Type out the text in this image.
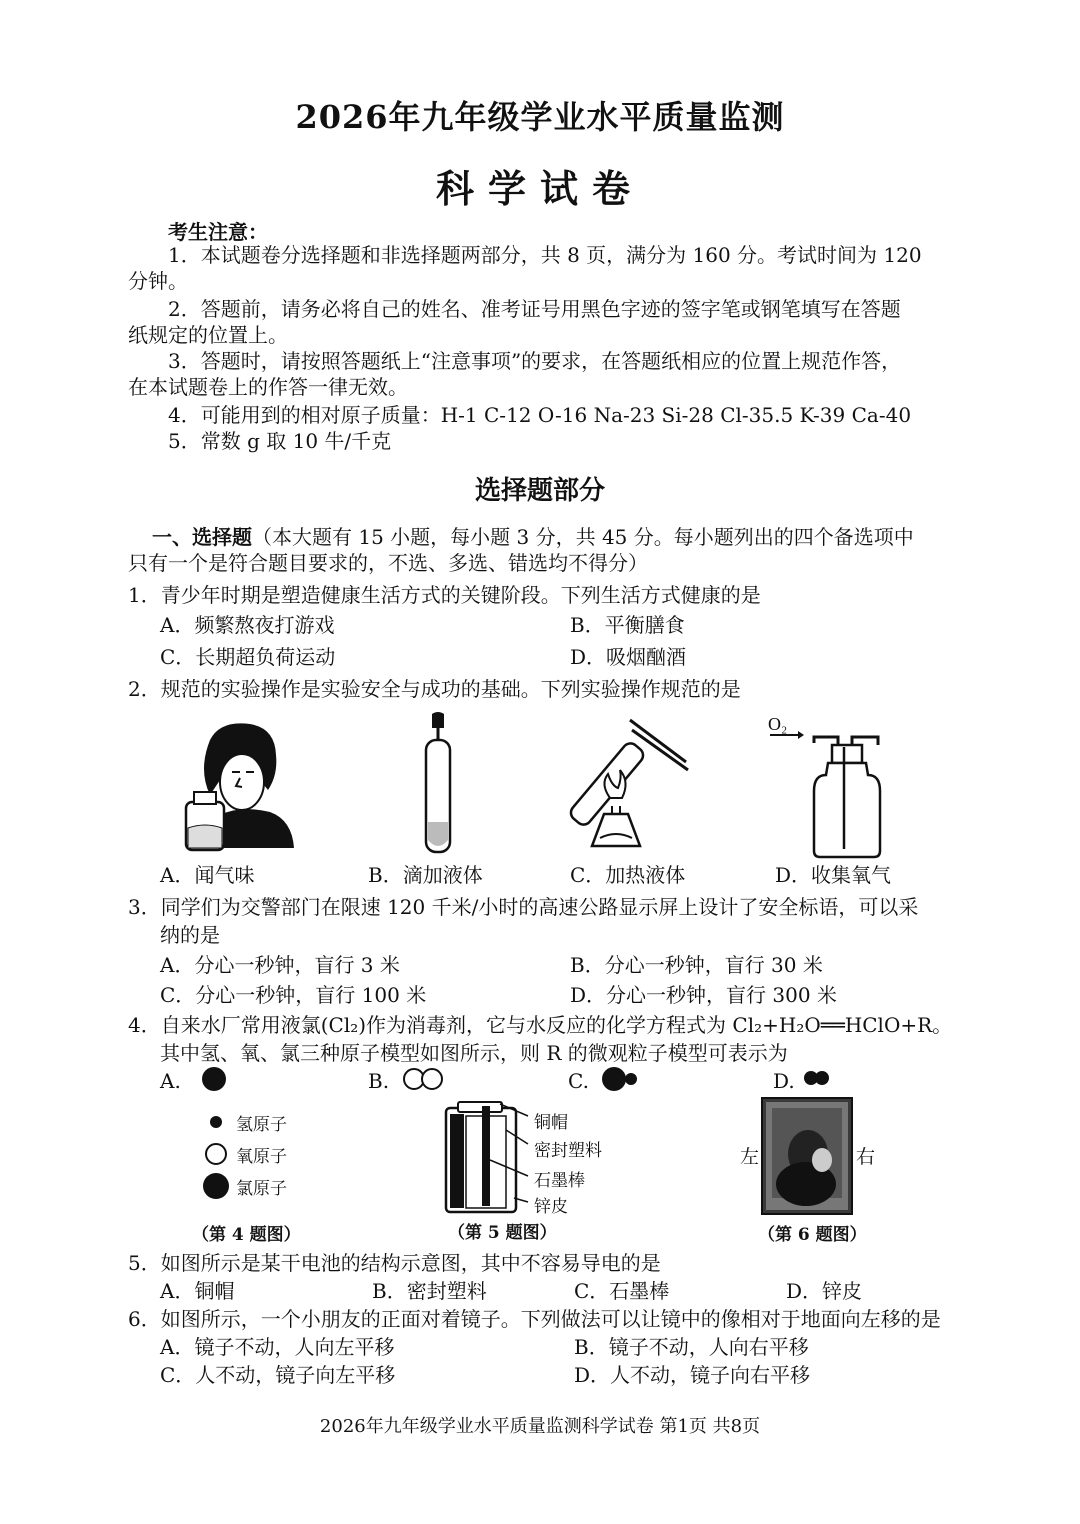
2026年九年级学业水平质量监测
科学试卷
考生注意：
1．本试题卷分选择题和非选择题两部分，共 8 页，满分为 160 分。考试时间为 120
分钟。
2．答题前，请务必将自己的姓名、准考证号用黑色字迹的签字笔或钢笔填写在答题
纸规定的位置上。
3．答题时，请按照答题纸上“注意事项”的要求，在答题纸相应的位置上规范作答，
在本试题卷上的作答一律无效。
4．可能用到的相对原子质量：H-1 C-12 O-16 Na-23 Si-28 Cl-35.5 K-39 Ca-40
5．常数 g 取 10 牛/千克
选择题部分
一、选择题（本大题有 15 小题，每小题 3 分，共 45 分。每小题列出的四个备选项中
只有一个是符合题目要求的，不选、多选、错选均不得分）
1．青少年时期是塑造健康生活方式的关键阶段。下列生活方式健康的是
A．频繁熬夜打游戏	B．平衡膳食
C．长期超负荷运动	D．吸烟酗酒
2．规范的实验操作是实验安全与成功的基础。下列实验操作规范的是
O₂
A．闻气味	B．滴加液体	C．加热液体	D．收集氧气
3．同学们为交警部门在限速 120 千米/小时的高速公路显示屏上设计了安全标语，可以采
纳的是
A．分心一秒钟，盲行 3 米	B．分心一秒钟，盲行 30 米
C．分心一秒钟，盲行 100 米	D．分心一秒钟，盲行 300 米
4．自来水厂常用液氯(Cl₂)作为消毒剂，它与水反应的化学方程式为 Cl₂+H₂O══HClO+R。
其中氢、氧、氯三种原子模型如图所示，则 R 的微观粒子模型可表示为
A.	B.	C.	D.
氢原子
氧原子
氯原子
（第 4 题图）
铜帽
密封塑料
石墨棒
锌皮
（第 5 题图）
左	右
（第 6 题图）
5．如图所示是某干电池的结构示意图，其中不容易导电的是
A．铜帽	B．密封塑料	C．石墨棒	D．锌皮
6．如图所示，一个小朋友的正面对着镜子。下列做法可以让镜中的像相对于地面向左移的是
A．镜子不动，人向左平移	B．镜子不动，人向右平移
C．人不动，镜子向左平移	D．人不动，镜子向右平移
2026年九年级学业水平质量监测科学试卷 第1页 共8页
